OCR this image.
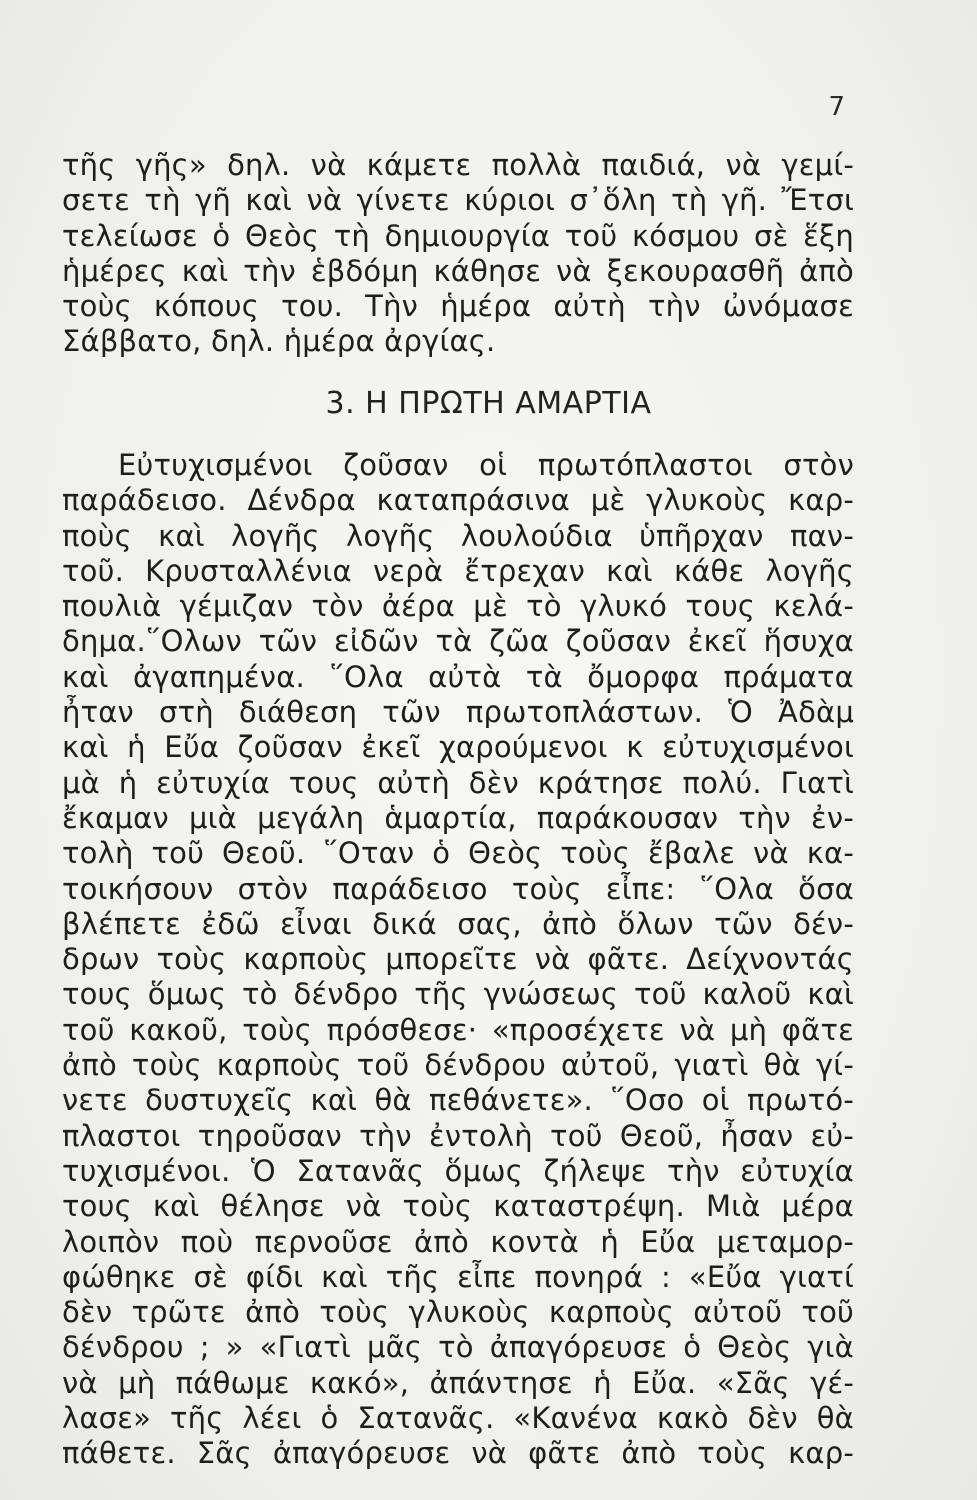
7
τῆς γῆς» δηλ. νὰ κάμετε πολλὰ παιδιά, νὰ γεμί-
σετε τὴ γῆ καὶ νὰ γίνετε κύριοι σ᾽ὅλη τὴ γῆ. Ἔτσι
τελείωσε ὁ Θεὸς τὴ δημιουργία τοῦ κόσμου σὲ ἕξη
ἡμέρες καὶ τὴν ἑβδόμη κάθησε νὰ ξεκουρασθῆ ἀπὸ
τοὺς κόπους του. Τὴν ἡμέρα αὐτὴ τὴν ὠνόμασε
Σάββατο, δηλ. ἡμέρα ἀργίας.
3. Η ΠΡΩΤΗ ΑΜΑΡΤΙΑ
Εὐτυχισμένοι ζοῦσαν οἱ πρωτόπλαστοι στὸν
παράδεισο. Δένδρα καταπράσινα μὲ γλυκοὺς καρ-
ποὺς καὶ λογῆς λογῆς λουλούδια ὑπῆρχαν παν-
τοῦ. Κρυσταλλένια νερὰ ἔτρεχαν καὶ κάθε λογῆς
πουλιὰ γέμιζαν τὸν ἀέρα μὲ τὸ γλυκό τους κελά-
δημα.῞Ολων τῶν εἰδῶν τὰ ζῶα ζοῦσαν ἐκεῖ ἥσυχα
καὶ ἀγαπημένα. ῞Ολα αὐτὰ τὰ ὄμορφα πράματα
ἦταν στὴ διάθεση τῶν πρωτοπλάστων. Ὁ Ἀδὰμ
καὶ ἡ Εὔα ζοῦσαν ἐκεῖ χαρούμενοι κ εὐτυχισμένοι
μὰ ἡ εὐτυχία τους αὐτὴ δὲν κράτησε πολύ. Γιατὶ
ἔκαμαν μιὰ μεγάλη ἁμαρτία, παράκουσαν τὴν ἐν-
τολὴ τοῦ Θεοῦ. ῞Οταν ὁ Θεὸς τοὺς ἔβαλε νὰ κα-
τοικήσουν στὸν παράδεισο τοὺς εἶπε: ῞Ολα ὅσα
βλέπετε ἐδῶ εἶναι δικά σας, ἀπὸ ὅλων τῶν δέν-
δρων τοὺς καρποὺς μπορεῖτε νὰ φᾶτε. Δείχνοντάς
τους ὅμως τὸ δένδρο τῆς γνώσεως τοῦ καλοῦ καὶ
τοῦ κακοῦ, τοὺς πρόσθεσε· «προσέχετε νὰ μὴ φᾶτε
ἀπὸ τοὺς καρποὺς τοῦ δένδρου αὐτοῦ, γιατὶ θὰ γί-
νετε δυστυχεῖς καὶ θὰ πεθάνετε». ῞Οσο οἱ πρωτό-
πλαστοι τηροῦσαν τὴν ἐντολὴ τοῦ Θεοῦ, ἦσαν εὐ-
τυχισμένοι. Ὁ Σατανᾶς ὅμως ζήλεψε τὴν εὐτυχία
τους καὶ θέλησε νὰ τοὺς καταστρέψη. Μιὰ μέρα
λοιπὸν ποὺ περνοῦσε ἀπὸ κοντὰ ἡ Εὔα μεταμορ-
φώθηκε σὲ φίδι καὶ τῆς εἶπε πονηρά : «Εὔα γιατί
δὲν τρῶτε ἀπὸ τοὺς γλυκοὺς καρποὺς αὐτοῦ τοῦ
δένδρου ; » «Γιατὶ μᾶς τὸ ἀπαγόρευσε ὁ Θεὸς γιὰ
νὰ μὴ πάθωμε κακό», ἀπάντησε ἡ Εὔα. «Σᾶς γέ-
λασε» τῆς λέει ὁ Σατανᾶς. «Κανένα κακὸ δὲν θὰ
πάθετε. Σᾶς ἀπαγόρευσε νὰ φᾶτε ἀπὸ τοὺς καρ-
